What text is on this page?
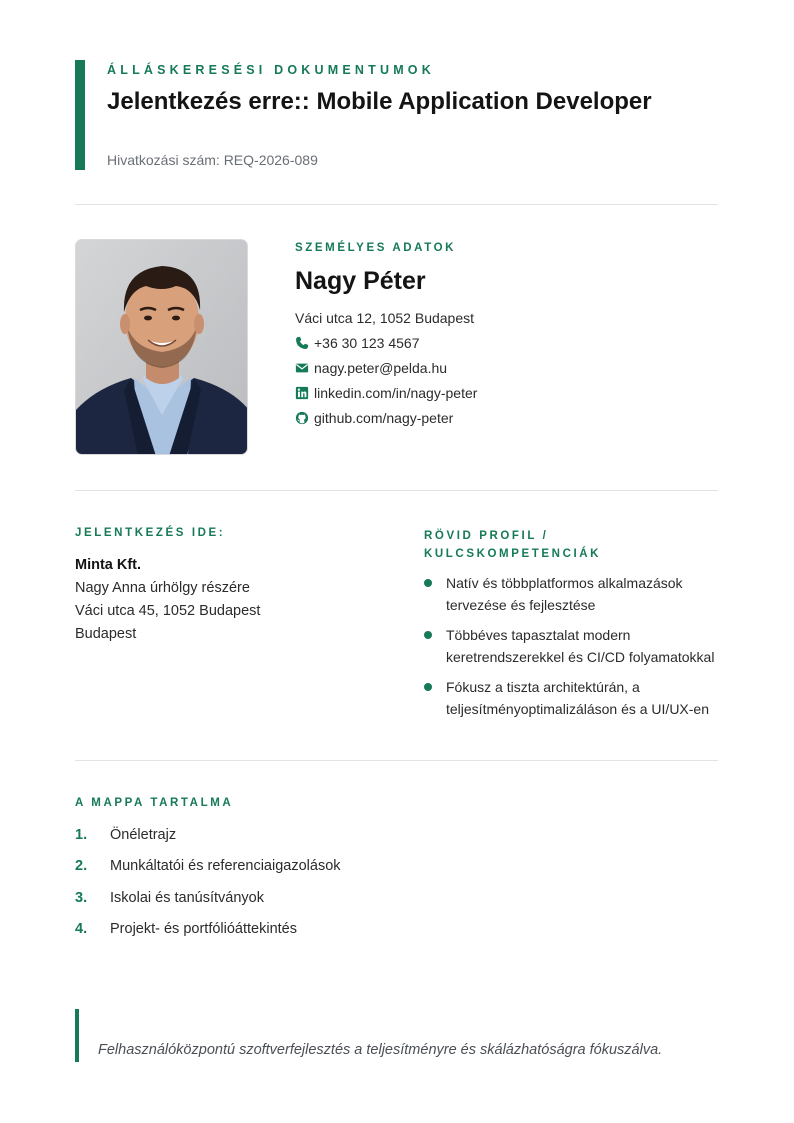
ÁLLÁSKERESÉSI DOKUMENTUMOK
Jelentkezés erre:: Mobile Application Developer
Hivatkozási szám: REQ-2026-089
SZEMÉLYES ADATOK
Nagy Péter
Váci utca 12, 1052 Budapest
+36 30 123 4567
nagy.peter@pelda.hu
linkedin.com/in/nagy-peter
github.com/nagy-peter
JELENTKEZÉS IDE:
Minta Kft.
Nagy Anna úrhölgy részére
Váci utca 45, 1052 Budapest
Budapest
RÖVID PROFIL / KULCSKOMPETENCIÁK
Natív és többplatformos alkalmazások tervezése és fejlesztése
Többéves tapasztalat modern keretrendszerekkel és CI/CD folyamatokkal
Fókusz a tiszta architektúrán, a teljesítményoptimalizáláson és a UI/UX-en
A MAPPA TARTALMA
1. Önéletrajz
2. Munkáltatói és referenciaigazolások
3. Iskolai és tanúsítványok
4. Projekt- és portfólióáttekintés
Felhasználóközpontú szoftverfejlesztés a teljesítményre és skálázhatóságra fókuszálva.
